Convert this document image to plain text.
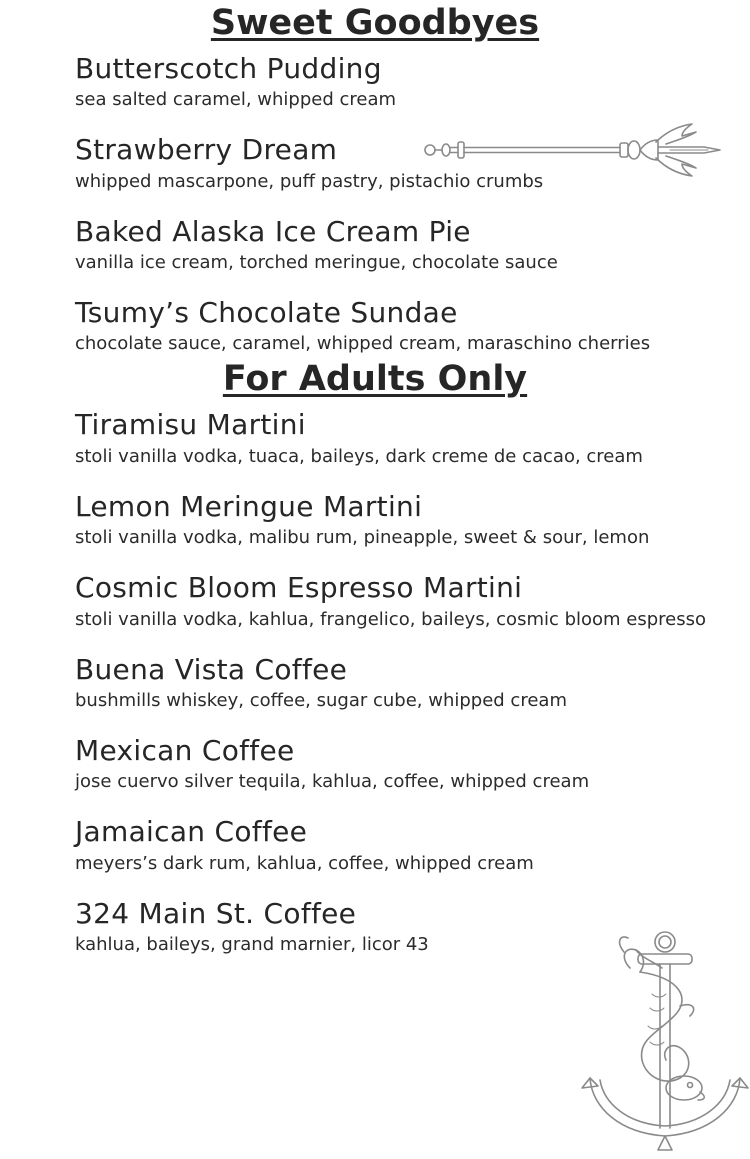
Sweet Goodbyes
Butterscotch Pudding
sea salted caramel, whipped cream
Strawberry Dream
whipped mascarpone, puff pastry, pistachio crumbs
Baked Alaska Ice Cream Pie
vanilla ice cream, torched meringue, chocolate sauce
Tsumy’s Chocolate Sundae
chocolate sauce, caramel, whipped cream, maraschino cherries
For Adults Only
Tiramisu Martini
stoli vanilla vodka, tuaca, baileys, dark creme de cacao, cream
Lemon Meringue Martini
stoli vanilla vodka, malibu rum, pineapple, sweet & sour, lemon
Cosmic Bloom Espresso Martini
stoli vanilla vodka, kahlua, frangelico, baileys, cosmic bloom espresso
Buena Vista Coffee
bushmills whiskey, coffee, sugar cube, whipped cream
Mexican Coffee
jose cuervo silver tequila, kahlua, coffee, whipped cream
Jamaican Coffee
meyers’s dark rum, kahlua, coffee, whipped cream
324 Main St. Coffee
kahlua, baileys, grand marnier, licor 43
